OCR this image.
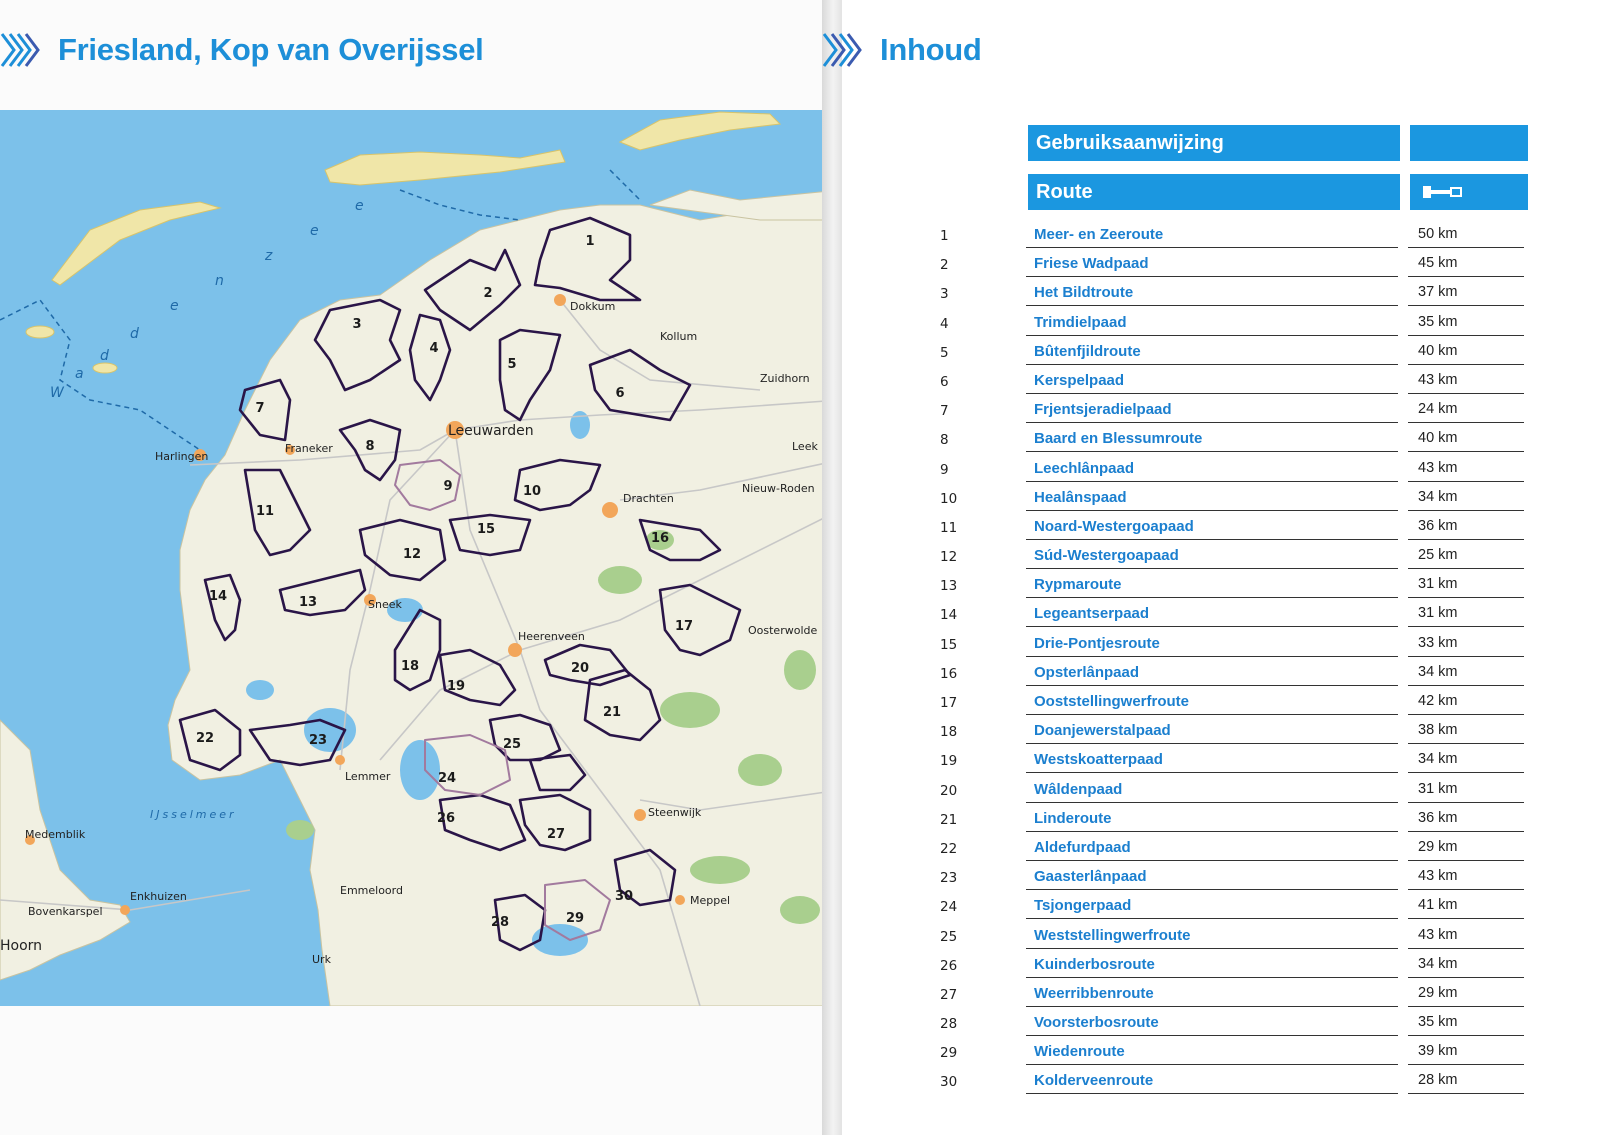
Friesland, Kop van Overijssel
W
a
d
d
e
n
z
e
e
IJsselmeer
Dokkum
Kollum
Zuidhorn
Leeuwarden
Franeker
Harlingen
Leek
Nieuw-Roden
Drachten
Sneek
Heerenveen	Oosterwolde
Lemmer
Steenwijk
Medemblik
Enkhuizen
Bovenkarspel
Hoorn
Emmeloord
Meppel
Urk
1
2
3
4
5
6
7
8
9	10
11
12
13
14
15
16
17
18
19
20
21
22	23
24
25
26
27
28	29
30
Inhoud
Gebruiksaanwijzing
Route
1	Meer- en Zeeroute	50 km
2	Friese Wadpaad	45 km
3	Het Bildtroute	37 km
4	Trimdielpaad	35 km
5	Bûtenfjildroute	40 km
6	Kerspelpaad	43 km
7	Frjentsjeradielpaad	24 km
8	Baard en Blessumroute	40 km
9	Leechlânpaad	43 km
10	Healânspaad	34 km
11	Noard-Westergoapaad	36 km
12	Súd-Westergoapaad	25 km
13	Rypmaroute	31 km
14	Legeantserpaad	31 km
15	Drie-Pontjesroute	33 km
16	Opsterlânpaad	34 km
17	Ooststellingwerfroute	42 km
18	Doanjewerstalpaad	38 km
19	Westskoatterpaad	34 km
20	Wâldenpaad	31 km
21	Linderoute	36 km
22	Aldefurdpaad	29 km
23	Gaasterlânpaad	43 km
24	Tsjongerpaad	41 km
25	Weststellingwerfroute	43 km
26	Kuinderbosroute	34 km
27	Weerribbenroute	29 km
28	Voorsterbosroute	35 km
29	Wiedenroute	39 km
30	Kolderveenroute	28 km
